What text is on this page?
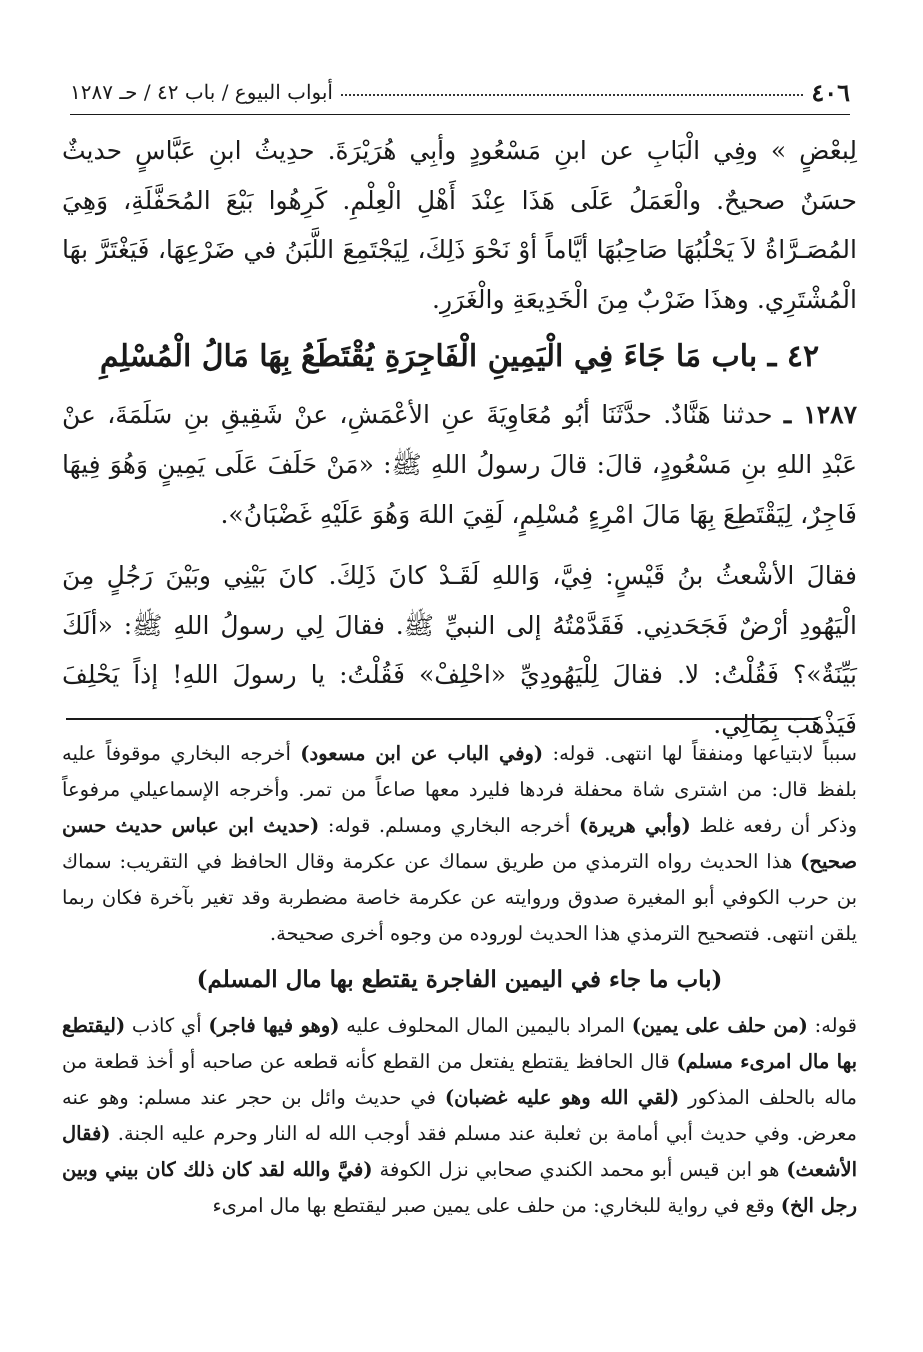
٤٠٦
أبواب البيوع / باب ٤٢ / حـ ١٢٨٧

لِبعْضٍ » وفِي الْبَابِ عن ابنِ مَسْعُودٍ وأبِي هُرَيْرَةَ. حدِيثُ ابنِ عَبَّاسٍ حديثٌ حسَنٌ صحيحٌ. والْعَمَلُ عَلَى هَذَا عِنْدَ أَهْلِ الْعِلْمِ. كَرِهُوا بَيْعَ المُحَفَّلَةِ، وَهِيَ المُصَـرَّاةُ لاَ يَحْلُبُهَا صَاحِبُهَا أيَّاماً أوْ نَحْوَ ذَلِكَ، لِيَجْتَمِعَ اللَّبَنُ في ضَرْعِهَا، فَيَغْتَرَّ بهَا الْمُشْتَرِي. وهذَا ضَرْبٌ مِنَ الْخَدِيعَةِ والْغَرَرِ.

٤٢ ـ باب مَا جَاءَ فِي الْيَمِينِ الْفَاجِرَةِ يُقْتَطَعُ بِهَا مَالُ الْمُسْلِمِ

١٢٨٧ ـ حدثنا هَنَّادٌ. حدَّثَنَا أبُو مُعَاوِيَةَ عنِ الأعْمَشِ، عنْ شَقِيقِ بنِ سَلَمَةَ، عنْ عَبْدِ اللهِ بنِ مَسْعُودٍ، قالَ: قالَ رسولُ اللهِ ﷺ: «مَنْ حَلَفَ عَلَى يَمِينٍ وَهُوَ فِيهَا فَاجِرٌ، لِيَقْتَطِعَ بِهَا مَالَ امْرِءٍ مُسْلِمٍ، لَقِيَ اللهَ وَهُوَ عَلَيْهِ غَضْبَانُ».

فقالَ الأشْعثُ بنُ قَيْسٍ: فِيَّ، وَاللهِ لَقَـدْ كانَ ذَلِكَ. كانَ بَيْنِي وبَيْنَ رَجُلٍ مِنَ الْيَهُودِ أرْضٌ فَجَحَدنِي. فَقَدَّمْتُهُ إلى النبيِّ ﷺ. فقالَ لِي رسولُ اللهِ ﷺ: «ألَكَ بَيِّنَةٌ»؟ فَقُلْتُ: لا. فقالَ لِلْيَهُودِيِّ «احْلِفْ» فَقُلْتُ: يا رسولَ اللهِ! إذاً يَحْلِفَ فَيَذْهَبَ بِمَالِي.

سبباً لابتياعها ومنفقاً لها انتهى. قوله: (وفي الباب عن ابن مسعود) أخرجه البخاري موقوفاً عليه بلفظ قال: من اشترى شاة محفلة فردها فليرد معها صاعاً من تمر. وأخرجه الإسماعيلي مرفوعاً وذكر أن رفعه غلط (وأبي هريرة) أخرجه البخاري ومسلم. قوله: (حديث ابن عباس حديث حسن صحيح) هذا الحديث رواه الترمذي من طريق سماك عن عكرمة وقال الحافظ في التقريب: سماك بن حرب الكوفي أبو المغيرة صدوق وروايته عن عكرمة خاصة مضطربة وقد تغير بآخرة فكان ربما يلقن انتهى. فتصحيح الترمذي هذا الحديث لوروده من وجوه أخرى صحيحة.

(باب ما جاء في اليمين الفاجرة يقتطع بها مال المسلم)

قوله: (من حلف على يمين) المراد باليمين المال المحلوف عليه (وهو فيها فاجر) أي كاذب (ليقتطع بها مال امرىء مسلم) قال الحافظ يقتطع يفتعل من القطع كأنه قطعه عن صاحبه أو أخذ قطعة من ماله بالحلف المذكور (لقي الله وهو عليه غضبان) في حديث وائل بن حجر عند مسلم: وهو عنه معرض. وفي حديث أبي أمامة بن ثعلبة عند مسلم فقد أوجب الله له النار وحرم عليه الجنة. (فقال الأشعث) هو ابن قيس أبو محمد الكندي صحابي نزل الكوفة (فيَّ والله لقد كان ذلك كان بيني وبين رجل الخ) وقع في رواية للبخاري: من حلف على يمين صبر ليقتطع بها مال امرىء
